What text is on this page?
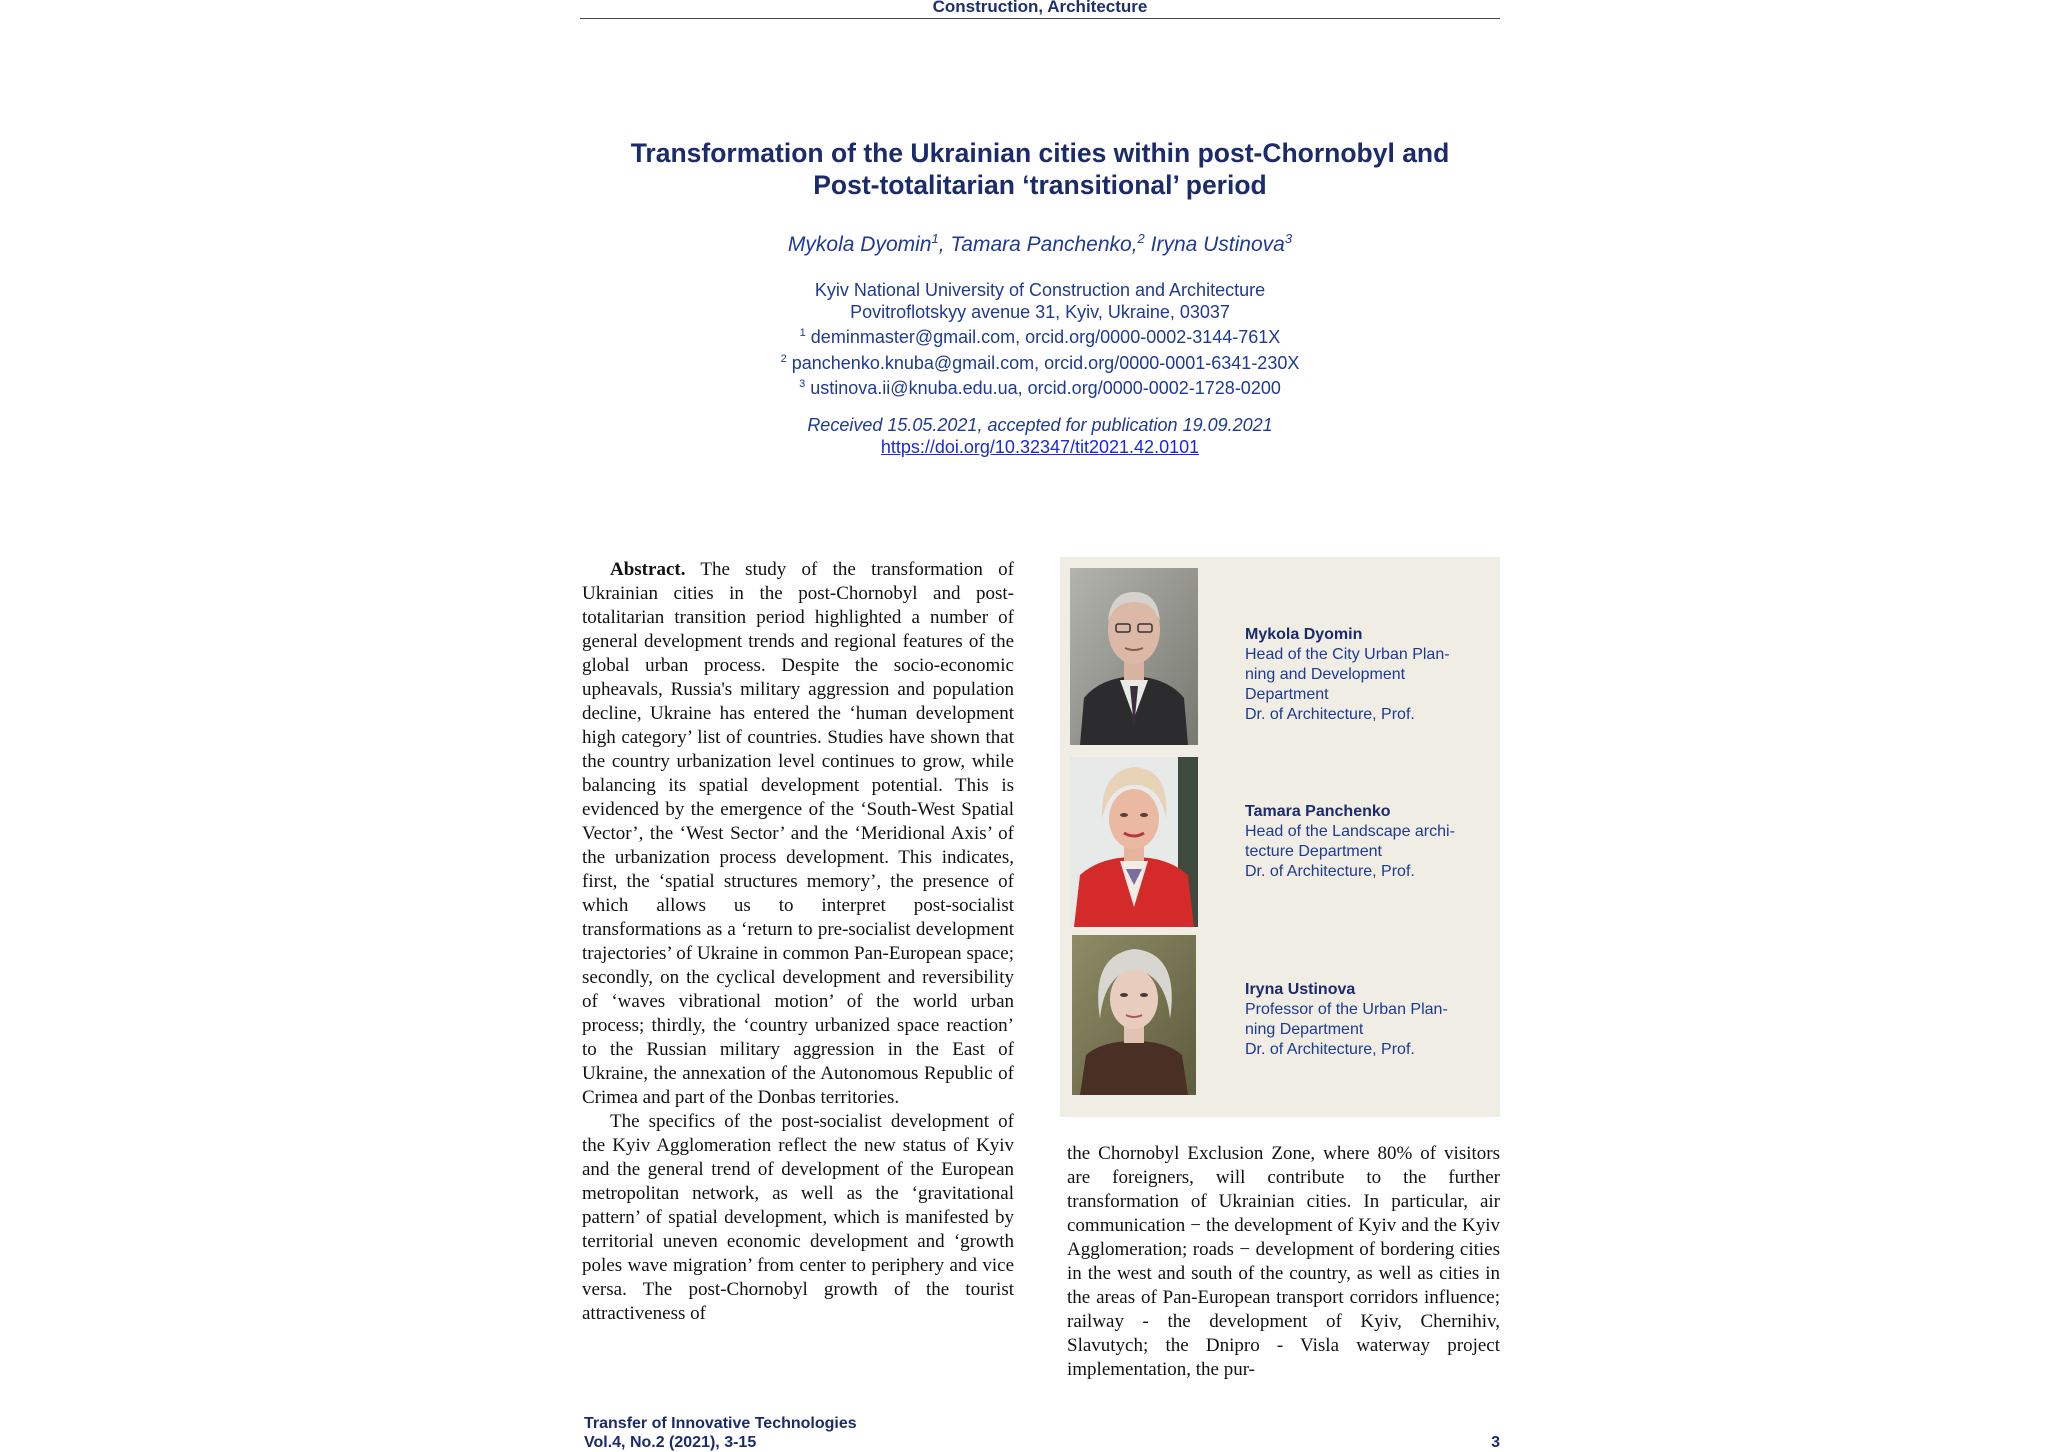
Construction, Architecture
Transformation of the Ukrainian cities within post-Chornobyl and
Post-totalitarian ‘transitional’ period
Mykola Dyomin$^1$, Tamara Panchenko,$^2$ Iryna Ustinova$^3$
Kyiv National University of Construction and Architecture
Povitroflotskyy avenue 31, Kyiv, Ukraine, 03037
$^1$ deminmaster@gmail.com, orcid.org/0000-0002-3144-761X
$^2$ panchenko.knuba@gmail.com, orcid.org/0000-0001-6341-230X
$^3$ ustinova.ii@knuba.edu.ua, orcid.org/0000-0002-1728-0200
Received 15.05.2021, accepted for publication 19.09.2021
https://doi.org/10.32347/tit2021.42.0101

Abstract. The study of the transformation of Ukrainian cities in the post-Chornobyl and post-totalitarian transition period highlighted a number of general development trends and regional features of the global urban process. Despite the socio-economic upheavals, Russia's military aggression and population decline, Ukraine has entered the ‘human development high category’ list of countries. Studies have shown that the country urbanization level continues to grow, while balancing its spatial development potential. This is evidenced by the emergence of the ‘South-West Spatial Vector’, the ‘West Sector’ and the ‘Meridional Axis’ of the urbanization process development. This indicates, first, the ‘spatial structures memory’, the presence of which allows us to interpret post-socialist transformations as a ‘return to pre-socialist development trajectories’ of Ukraine in common Pan-European space; secondly, on the cyclical development and reversibility of ‘waves vibrational motion’ of the world urban process; thirdly, the ‘country urbanized space reaction’ to the Russian military aggression in the East of Ukraine, the annexation of the Autonomous Republic of Crimea and part of the Donbas territories.

The specifics of the post-socialist development of the Kyiv Agglomeration reflect the new status of Kyiv and the general trend of development of the European metropolitan network, as well as the ‘gravitational pattern’ of spatial development, which is manifested by territorial uneven economic development and ‘growth poles wave migration’ from center to periphery and vice versa. The post-Chornobyl growth of the tourist attractiveness of

Mykola Dyomin
Head of the City Urban Plan-
ning and Development
Department
Dr. of Architecture, Prof.
Tamara Panchenko
Head of the Landscape archi-
tecture Department
Dr. of Architecture, Prof.
Iryna Ustinova
Professor of the Urban Plan-
ning Department
Dr. of Architecture, Prof.

the Chornobyl Exclusion Zone, where 80% of visitors are foreigners, will contribute to the further transformation of Ukrainian cities. In particular, air communication − the development of Kyiv and the Kyiv Agglomeration; roads − development of bordering cities in the west and south of the country, as well as cities in the areas of Pan-European transport corridors influence; railway - the development of Kyiv, Chernihiv, Slavutych; the Dnipro - Visla waterway project implementation, the pur-

Transfer of Innovative Technologies
Vol.4, No.2 (2021), 3-15	3
